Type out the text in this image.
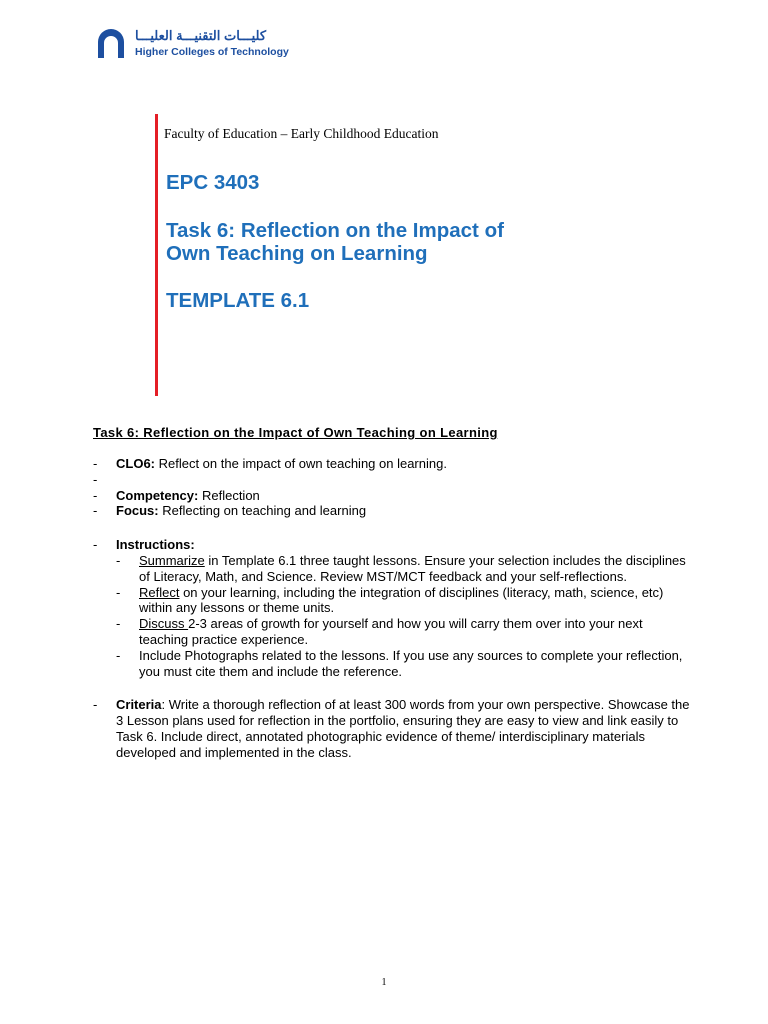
كليـــات التقنيـــة العليـــا
Higher Colleges of Technology
Faculty of Education – Early Childhood Education
EPC 3403
Task 6: Reflection on the Impact of
Own Teaching on Learning
TEMPLATE 6.1
Task 6: Reflection on the Impact of Own Teaching on Learning
- CLO6: Reflect on the impact of own teaching on learning.
-

- Competency: Reflection
- Focus: Reflecting on teaching and learning
- Instructions:
- Summarize in Template 6.1 three taught lessons. Ensure your selection includes the disciplines of Literacy, Math, and Science. Review MST/MCT feedback and your self-reflections.
- Reflect on your learning, including the integration of disciplines (literacy, math, science, etc) within any lessons or theme units.
- Discuss 2-3 areas of growth for yourself and how you will carry them over into your next teaching practice experience.
- Include Photographs related to the lessons. If you use any sources to complete your reflection, you must cite them and include the reference.
- Criteria: Write a thorough reflection of at least 300 words from your own perspective. Showcase the 3 Lesson plans used for reflection in the portfolio, ensuring they are easy to view and link easily to Task 6. Include direct, annotated photographic evidence of theme/ interdisciplinary materials developed and implemented in the class.
1
